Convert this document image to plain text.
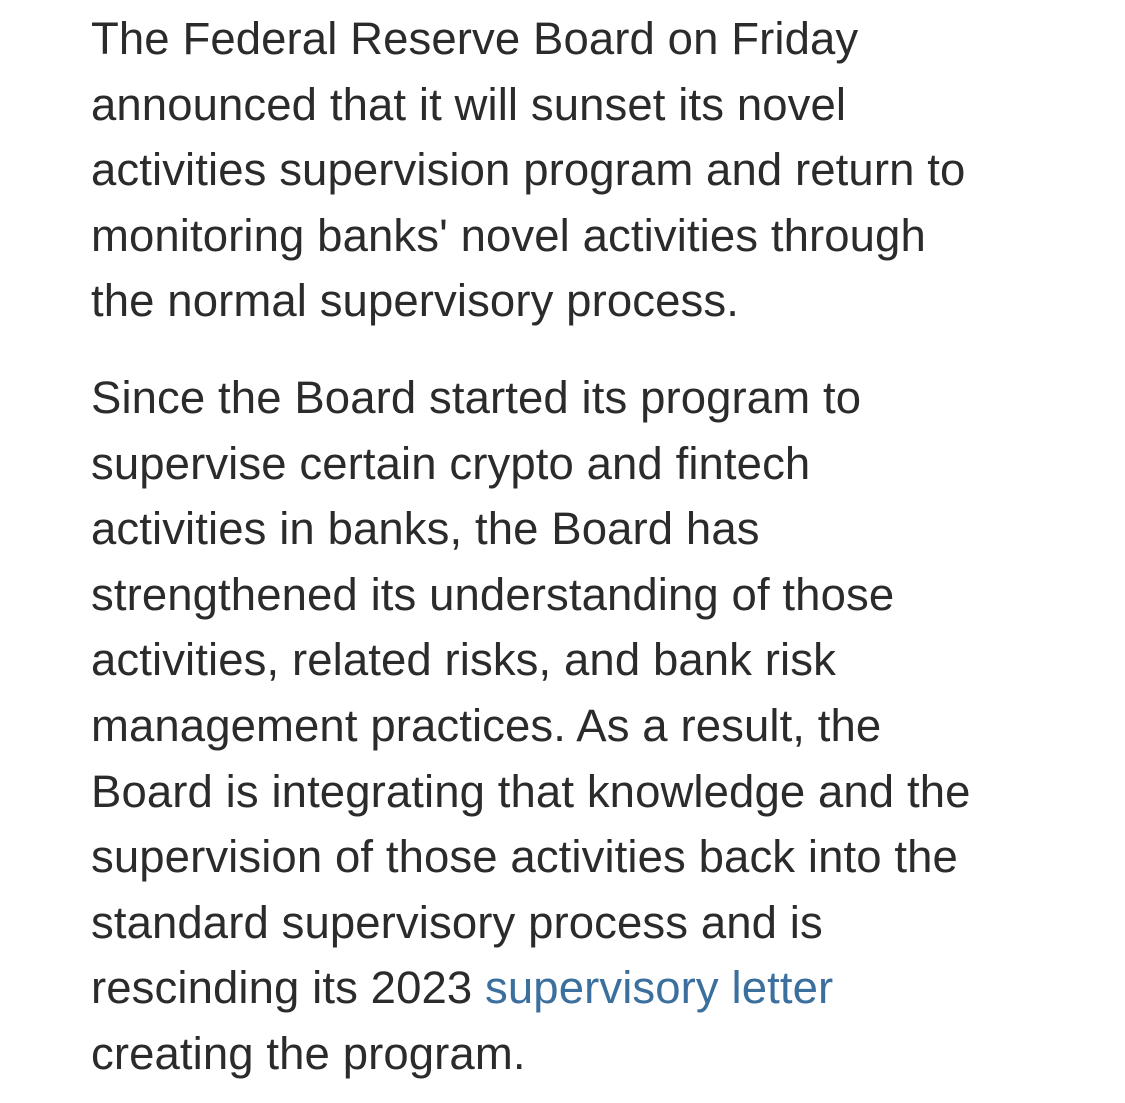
The Federal Reserve Board on Friday
announced that it will sunset its novel
activities supervision program and return to
monitoring banks' novel activities through
the normal supervisory process.

Since the Board started its program to
supervise certain crypto and fintech
activities in banks, the Board has
strengthened its understanding of those
activities, related risks, and bank risk
management practices. As a result, the
Board is integrating that knowledge and the
supervision of those activities back into the
standard supervisory process and is
rescinding its 2023 supervisory letter
creating the program.
